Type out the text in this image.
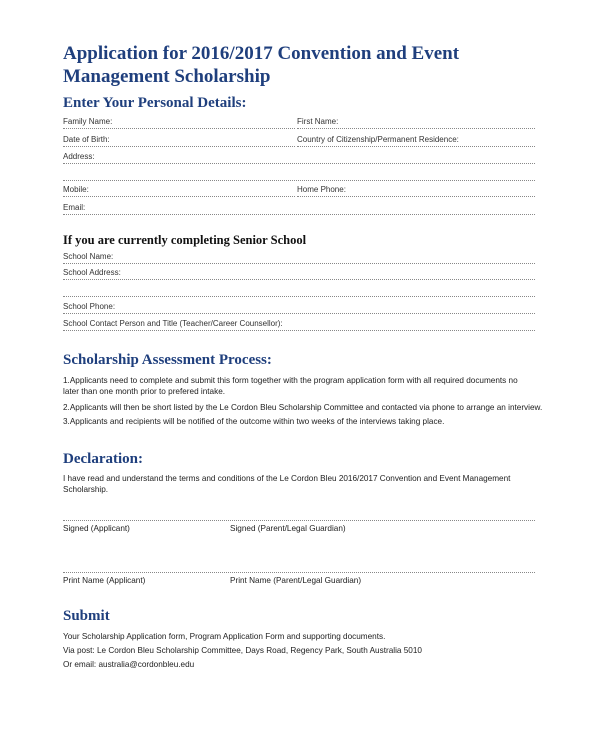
Application for 2016/2017 Convention and Event Management Scholarship
Enter Your Personal Details:
Family Name:	First Name:
Date of Birth:	Country of Citizenship/Permanent Residence:
Address:
Mobile:	Home Phone:
Email:
If you are currently completing Senior School
School Name:
School Address:
School Phone:
School Contact Person and Title (Teacher/Career Counsellor):
Scholarship Assessment Process:
1.Applicants need to complete and submit this form together with the program application form with all required documents no later than one month prior to prefered intake.
2.Applicants will then be short listed by the Le Cordon Bleu Scholarship Committee and contacted via phone to arrange an interview.
3.Applicants and recipients will be notified of the outcome within two weeks of the interviews taking place.
Declaration:
I have read and understand the terms and conditions of the Le Cordon Bleu 2016/2017 Convention and Event Management Scholarship.
Signed (Applicant)	Signed (Parent/Legal Guardian)
Print Name (Applicant)	Print Name (Parent/Legal Guardian)
Submit
Your Scholarship Application form, Program Application Form and supporting documents.
Via post: Le Cordon Bleu Scholarship Committee, Days Road, Regency Park, South Australia 5010
Or email: australia@cordonbleu.edu
